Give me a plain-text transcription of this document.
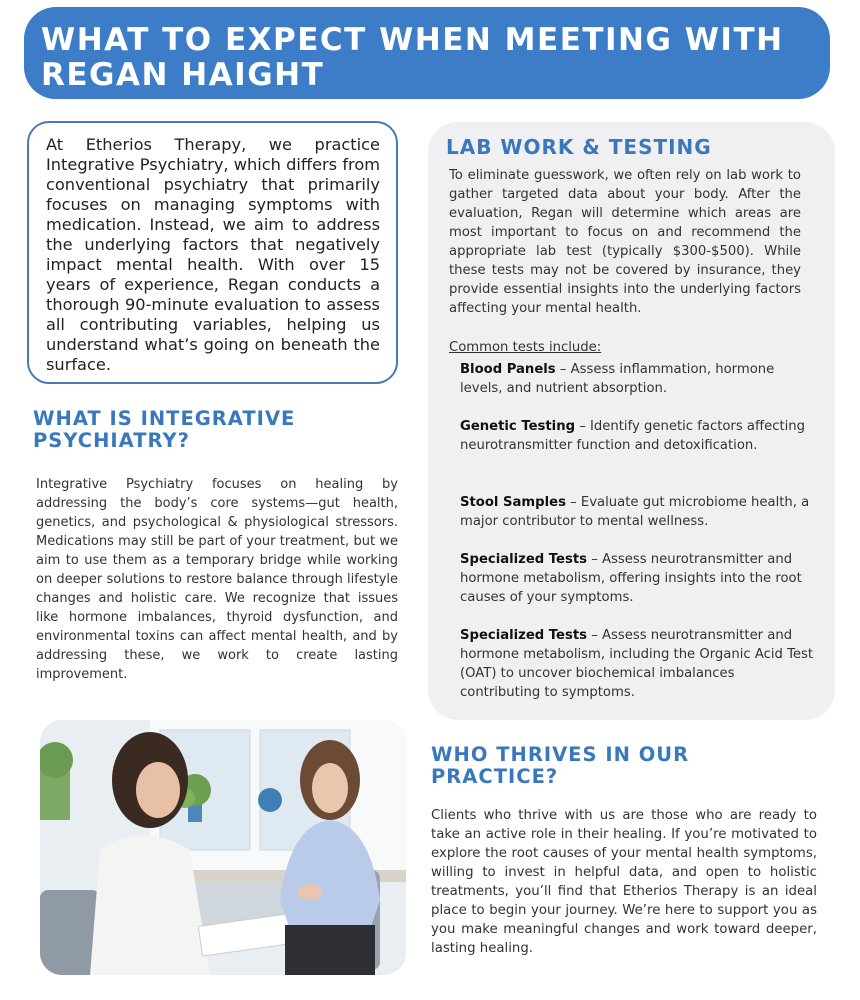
WHAT TO EXPECT WHEN MEETING WITH
REGAN HAIGHT
At Etherios Therapy, we practice Integrative Psychiatry, which differs from conventional psychiatry that primarily focuses on managing symptoms with medication. Instead, we aim to address the underlying factors that negatively impact mental health. With over 15 years of experience, Regan conducts a thorough 90-minute evaluation to assess all contributing variables, helping us understand what’s going on beneath the surface.
WHAT IS INTEGRATIVE PSYCHIATRY?

Integrative Psychiatry focuses on healing by addressing the body’s core systems—gut health, genetics, and psychological & physiological stressors. Medications may still be part of your treatment, but we aim to use them as a temporary bridge while working on deeper solutions to restore balance through lifestyle changes and holistic care. We recognize that issues like hormone imbalances, thyroid dysfunction, and environmental toxins can affect mental health, and by addressing these, we work to create lasting improvement.

LAB WORK & TESTING

To eliminate guesswork, we often rely on lab work to gather targeted data about your body. After the evaluation, Regan will determine which areas are most important to focus on and recommend the appropriate lab test (typically $300-$500). While these tests may not be covered by insurance, they provide essential insights into the underlying factors affecting your mental health.

Common tests include:

Blood Panels – Assess inflammation, hormone levels, and nutrient absorption.

Genetic Testing – Identify genetic factors affecting neurotransmitter function and detoxification.

Stool Samples – Evaluate gut microbiome health, a major contributor to mental wellness.

Specialized Tests – Assess neurotransmitter and hormone metabolism, offering insights into the root causes of your symptoms.

Specialized Tests – Assess neurotransmitter and hormone metabolism, including the Organic Acid Test (OAT) to uncover biochemical imbalances contributing to symptoms.

WHO THRIVES IN OUR PRACTICE?

Clients who thrive with us are those who are ready to take an active role in their healing. If you’re motivated to explore the root causes of your mental health symptoms, willing to invest in helpful data, and open to holistic treatments, you’ll find that Etherios Therapy is an ideal place to begin your journey. We’re here to support you as you make meaningful changes and work toward deeper, lasting healing.
